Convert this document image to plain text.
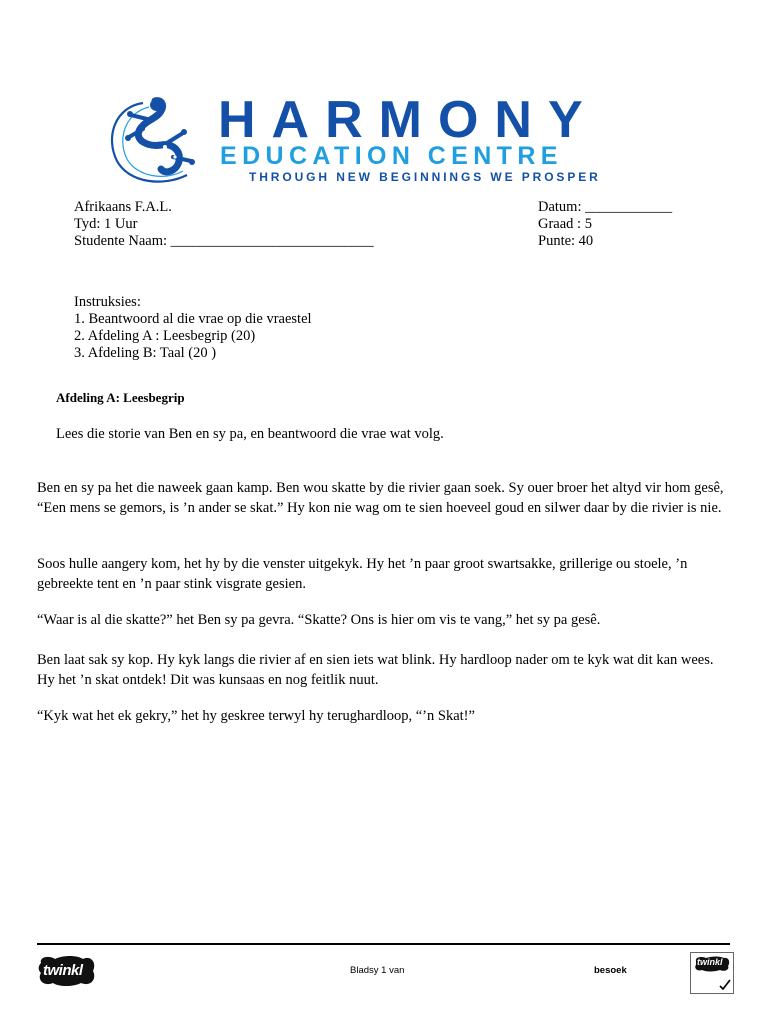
HARMONY
EDUCATION CENTRE
THROUGH NEW BEGINNINGS WE PROSPER
Afrikaans F.A.L.
Tyd: 1 Uur
Studente Naam: ____________________________
Datum: ____________
Graad : 5
Punte: 40
Instruksies:
1. Beantwoord al die vrae op die vraestel
2. Afdeling A : Leesbegrip (20)
3. Afdeling B: Taal (20 )
Afdeling A: Leesbegrip
Lees die storie van Ben en sy pa, en beantwoord die vrae wat volg.
Ben en sy pa het die naweek gaan kamp. Ben wou skatte by die rivier gaan soek. Sy ouer broer het altyd vir hom gesê, “Een mens se gemors, is ’n ander se skat.” Hy kon nie wag om te sien hoeveel goud en silwer daar by die rivier is nie.
Soos hulle aangery kom, het hy by die venster uitgekyk. Hy het ’n paar groot swartsakke, grillerige ou stoele, ’n gebreekte tent en ’n paar stink visgrate gesien.
“Waar is al die skatte?” het Ben sy pa gevra. “Skatte? Ons is hier om vis te vang,” het sy pa gesê.
Ben laat sak sy kop. Hy kyk langs die rivier af en sien iets wat blink. Hy hardloop nader om te kyk wat dit kan wees. Hy het ’n skat ontdek! Dit was kunsaas en nog feitlik nuut.
“Kyk wat het ek gekry,” het hy geskree terwyl hy terughardloop, “’n Skat!”
twinkl	Bladsy 1 van	besoek
twinkl
